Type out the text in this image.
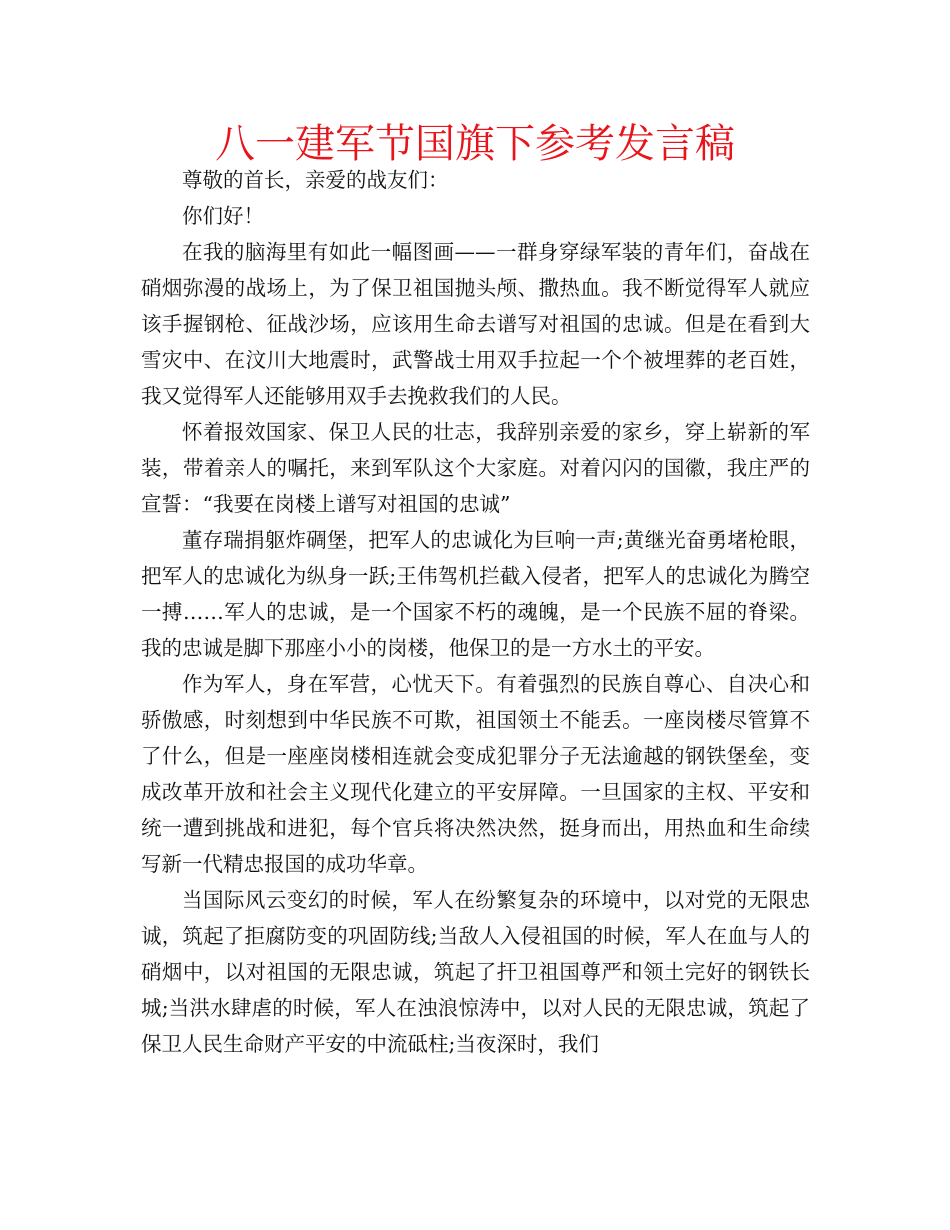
八一建军节国旗下参考发言稿

尊敬的首长，亲爱的战友们：

你们好！

在我的脑海里有如此一幅图画——一群身穿绿军装的青年们，奋战在硝烟弥漫的战场上，为了保卫祖国抛头颅、撒热血。我不断觉得军人就应该手握钢枪、征战沙场，应该用生命去谱写对祖国的忠诚。但是在看到大雪灾中、在汶川大地震时，武警战士用双手拉起一个个被埋葬的老百姓，我又觉得军人还能够用双手去挽救我们的人民。

怀着报效国家、保卫人民的壮志，我辞别亲爱的家乡，穿上崭新的军装，带着亲人的嘱托，来到军队这个大家庭。对着闪闪的国徽，我庄严的宣誓：“我要在岗楼上谱写对祖国的忠诚”

董存瑞捐躯炸碉堡，把军人的忠诚化为巨响一声;黄继光奋勇堵枪眼，把军人的忠诚化为纵身一跃;王伟驾机拦截入侵者，把军人的忠诚化为腾空一搏……军人的忠诚，是一个国家不朽的魂魄，是一个民族不屈的脊梁。我的忠诚是脚下那座小小的岗楼，他保卫的是一方水土的平安。

作为军人，身在军营，心忧天下。有着强烈的民族自尊心、自决心和骄傲感，时刻想到中华民族不可欺，祖国领土不能丢。一座岗楼尽管算不了什么，但是一座座岗楼相连就会变成犯罪分子无法逾越的钢铁堡垒，变成改革开放和社会主义现代化建立的平安屏障。一旦国家的主权、平安和统一遭到挑战和进犯，每个官兵将决然决然，挺身而出，用热血和生命续写新一代精忠报国的成功华章。

当国际风云变幻的时候，军人在纷繁复杂的环境中，以对党的无限忠诚，筑起了拒腐防变的巩固防线;当敌人入侵祖国的时候，军人在血与人的硝烟中，以对祖国的无限忠诚，筑起了扞卫祖国尊严和领土完好的钢铁长城;当洪水肆虐的时候，军人在浊浪惊涛中，以对人民的无限忠诚，筑起了保卫人民生命财产平安的中流砥柱;当夜深时，我们
